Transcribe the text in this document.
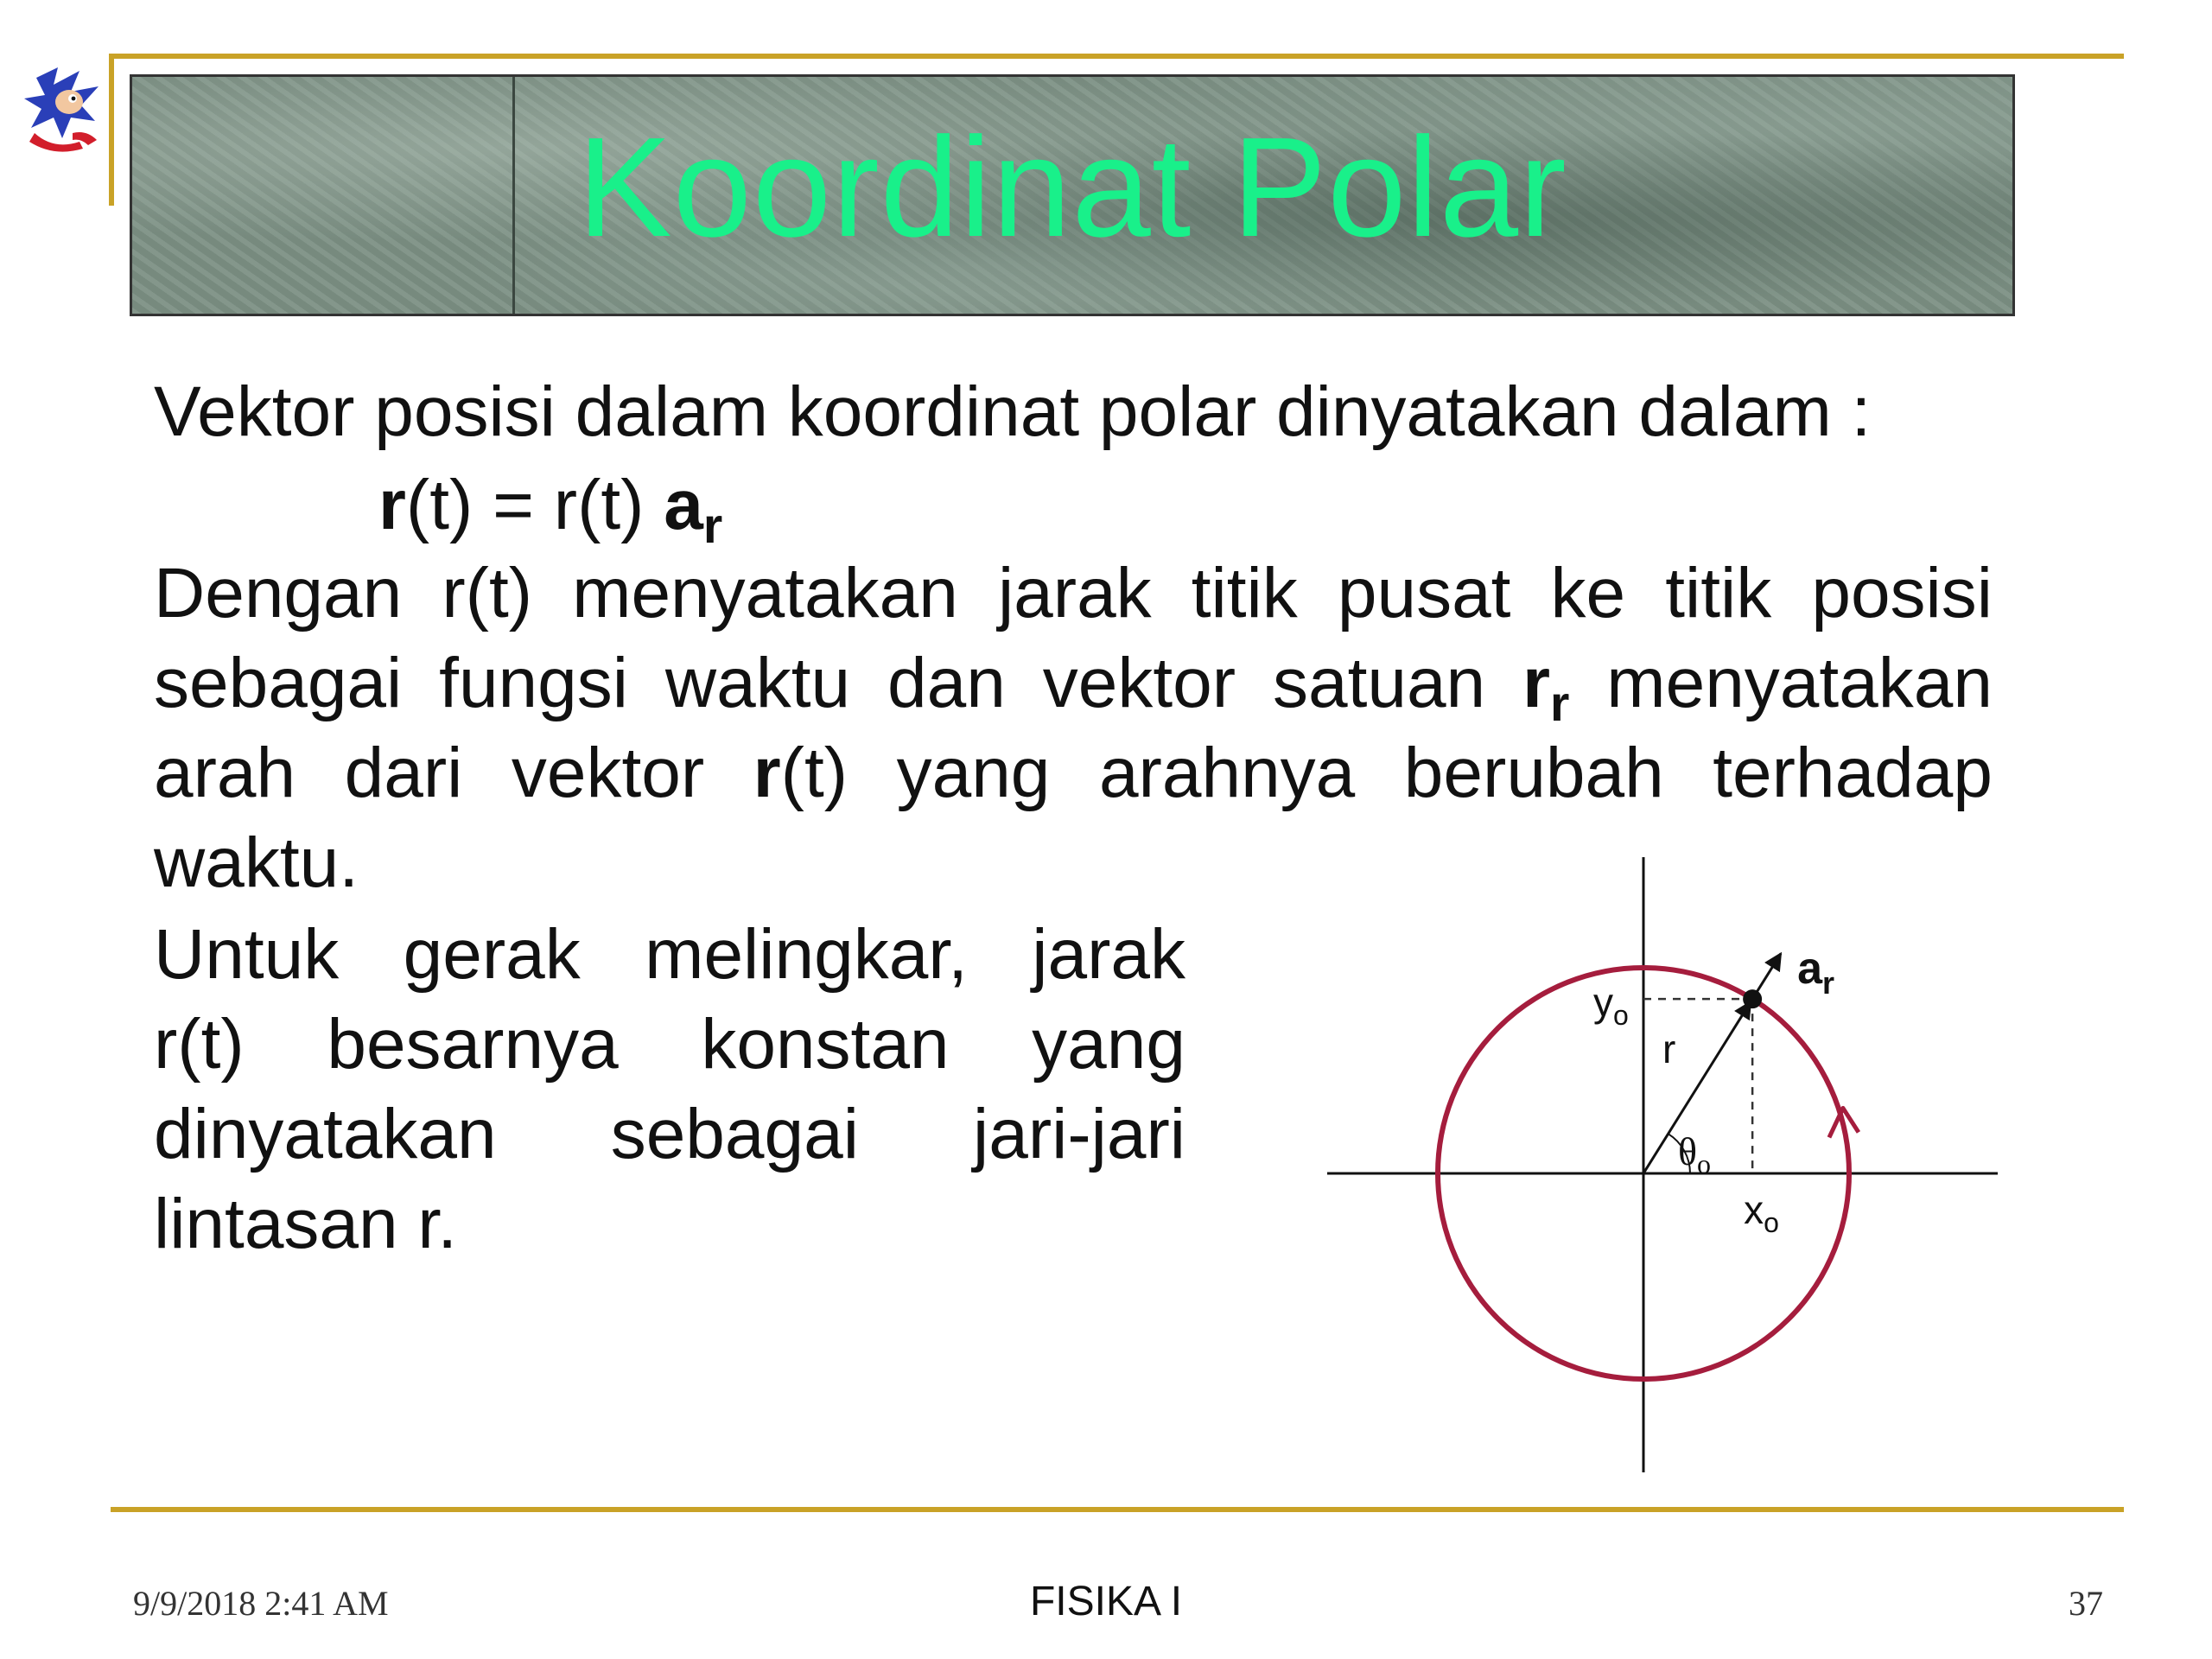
Koordinat Polar
Vektor posisi dalam koordinat polar dinyatakan dalam :
r(t) = r(t) $a_r$
Dengan r(t) menyatakan jarak titik pusat ke titik posisi
sebagai fungsi waktu dan vektor satuan $r_r$ menyatakan
arah dari vektor r(t) yang arahnya berubah terhadap
waktu.
Untuk gerak melingkar, jarak
r(t) besarnya konstan yang
dinyatakan sebagai jari-jari
lintasan r.
$a_r$
$y_o$
$x_o$
r
$\theta_o$
9/9/2018 2:41 AM	FISIKA I	37
